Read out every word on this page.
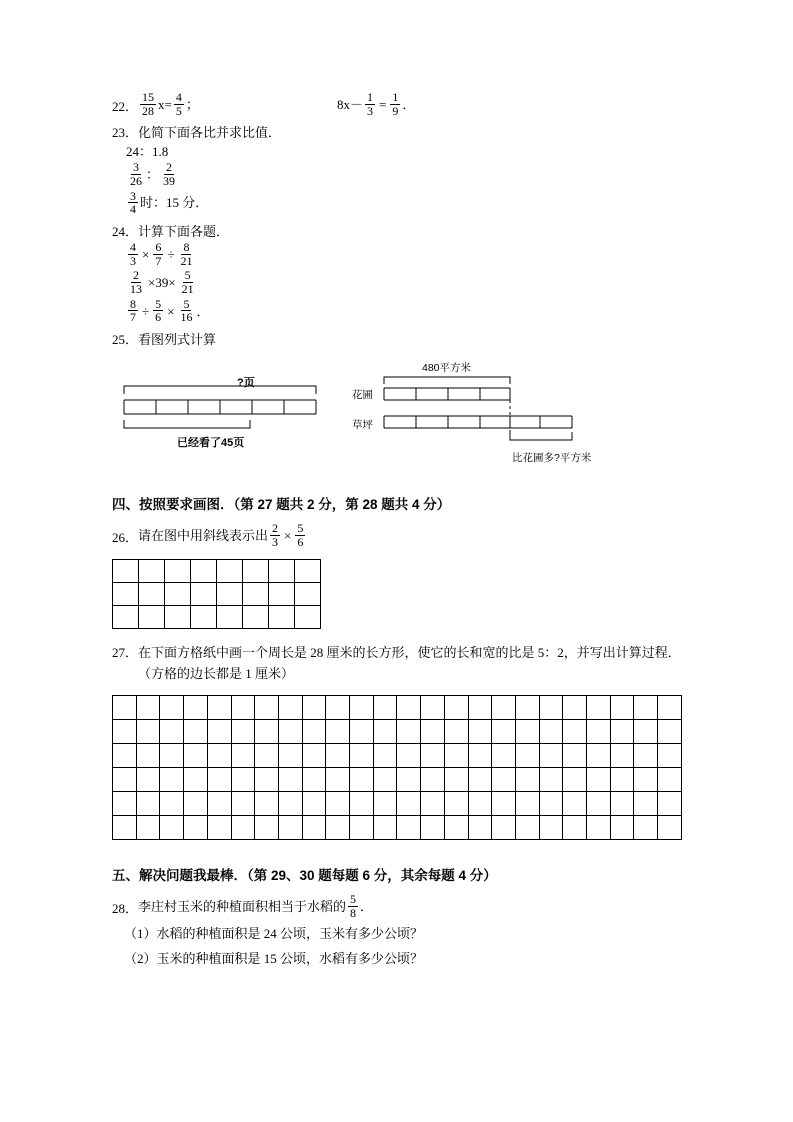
22． $\frac{15}{28} x= \frac{4}{5}$ ；	$8x- \frac{1}{3} = \frac{1}{9}$ ．
23．化简下面各比并求比值．
24：1.8
$\frac{3}{26}$ ： $\frac{2}{39}$
$\frac{3}{4}$ 时：15 分．
24．计算下面各题．
$\frac{4}{3} \times \frac{6}{7} \div \frac{8}{21}$
$\frac{2}{13} \times 39\times \frac{5}{21}$
$\frac{8}{7} \div \frac{5}{6} \times \frac{5}{16}$ ．
25．看图列式计算
?页
已经看了45页
480平方米
花圃
草坪
比花圃多?平方米
四、按照要求画图．（第 27 题共 2 分，第 28 题共 4 分）
26． 请在图中用斜线表示出 $\frac{2}{3} \times \frac{5}{6}$

27．在下面方格纸中画一个周长是 28 厘米的长方形，使它的长和宽的比是 5：2，并写出计算过程．（方格的边长都是 1 厘米）

五、解决问题我最棒．（第 29、30 题每题 6 分，其余每题 4 分）
28． 李庄村玉米的种植面积相当于水稻的 $\frac{5}{8}$ ．
（1）水稻的种植面积是 24 公顷，玉米有多少公顷？
（2）玉米的种植面积是 15 公顷，水稻有多少公顷？
